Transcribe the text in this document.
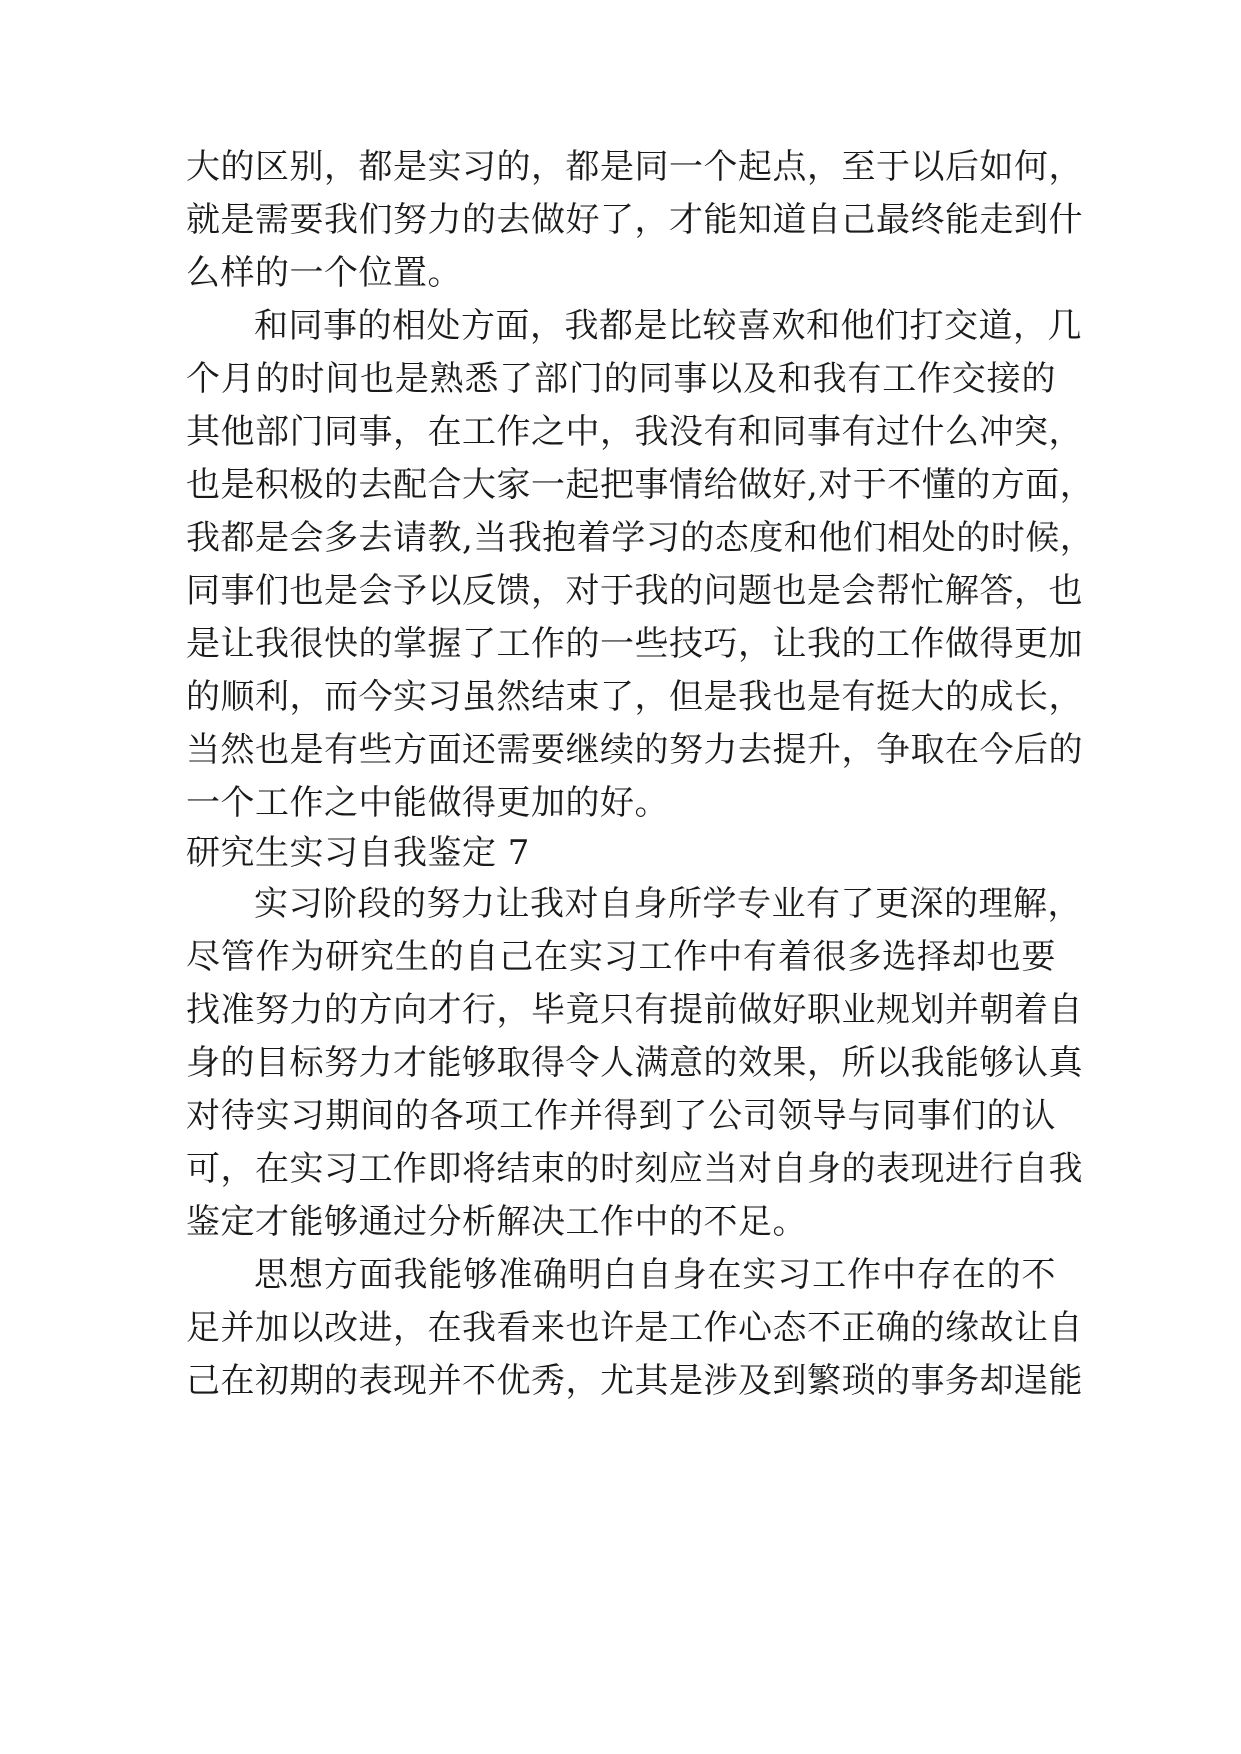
大的区别，都是实习的，都是同一个起点，至于以后如何，
就是需要我们努力的去做好了，才能知道自己最终能走到什
么样的一个位置。
和同事的相处方面，我都是比较喜欢和他们打交道，几
个月的时间也是熟悉了部门的同事以及和我有工作交接的
其他部门同事，在工作之中，我没有和同事有过什么冲突，
也是积极的去配合大家一起把事情给做好,对于不懂的方面，
我都是会多去请教,当我抱着学习的态度和他们相处的时候，
同事们也是会予以反馈，对于我的问题也是会帮忙解答，也
是让我很快的掌握了工作的一些技巧，让我的工作做得更加
的顺利，而今实习虽然结束了，但是我也是有挺大的成长，
当然也是有些方面还需要继续的努力去提升，争取在今后的
一个工作之中能做得更加的好。
研究生实习自我鉴定 7
实习阶段的努力让我对自身所学专业有了更深的理解，
尽管作为研究生的自己在实习工作中有着很多选择却也要
找准努力的方向才行，毕竟只有提前做好职业规划并朝着自
身的目标努力才能够取得令人满意的效果，所以我能够认真
对待实习期间的各项工作并得到了公司领导与同事们的认
可，在实习工作即将结束的时刻应当对自身的表现进行自我
鉴定才能够通过分析解决工作中的不足。
思想方面我能够准确明白自身在实习工作中存在的不
足并加以改进，在我看来也许是工作心态不正确的缘故让自
己在初期的表现并不优秀，尤其是涉及到繁琐的事务却逞能
